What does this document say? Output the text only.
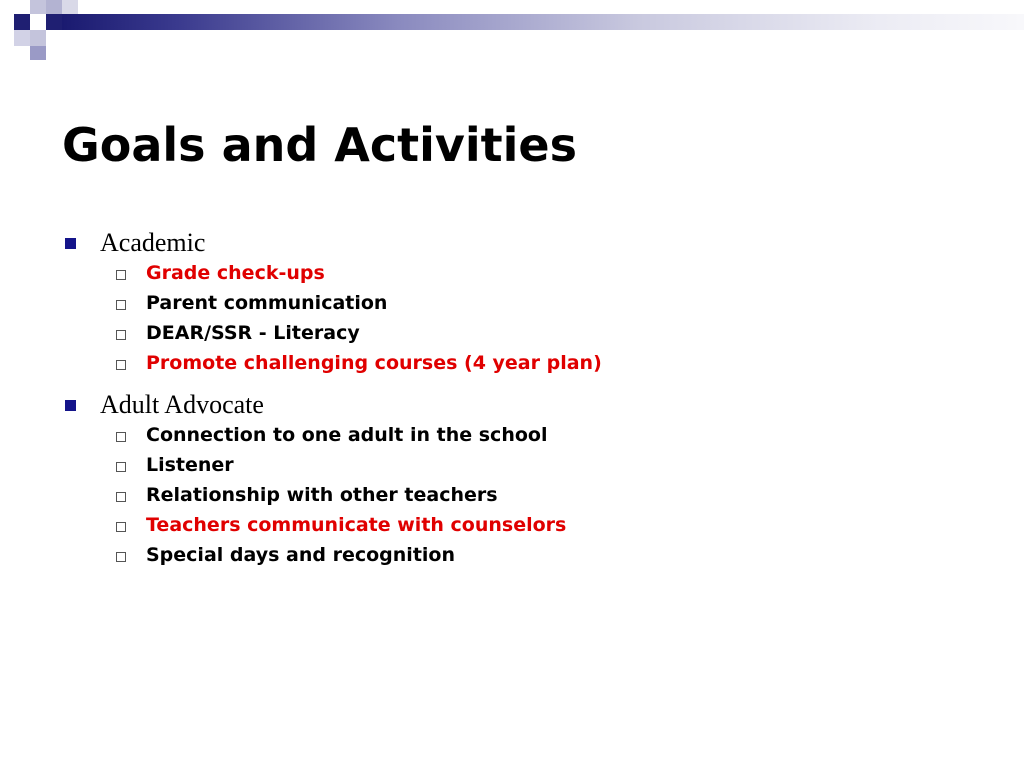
Goals and Activities
Academic
Grade check-ups
Parent communication
DEAR/SSR - Literacy
Promote challenging courses (4 year plan)
Adult Advocate
Connection to one adult in the school
Listener
Relationship with other teachers
Teachers communicate with counselors
Special days and recognition
